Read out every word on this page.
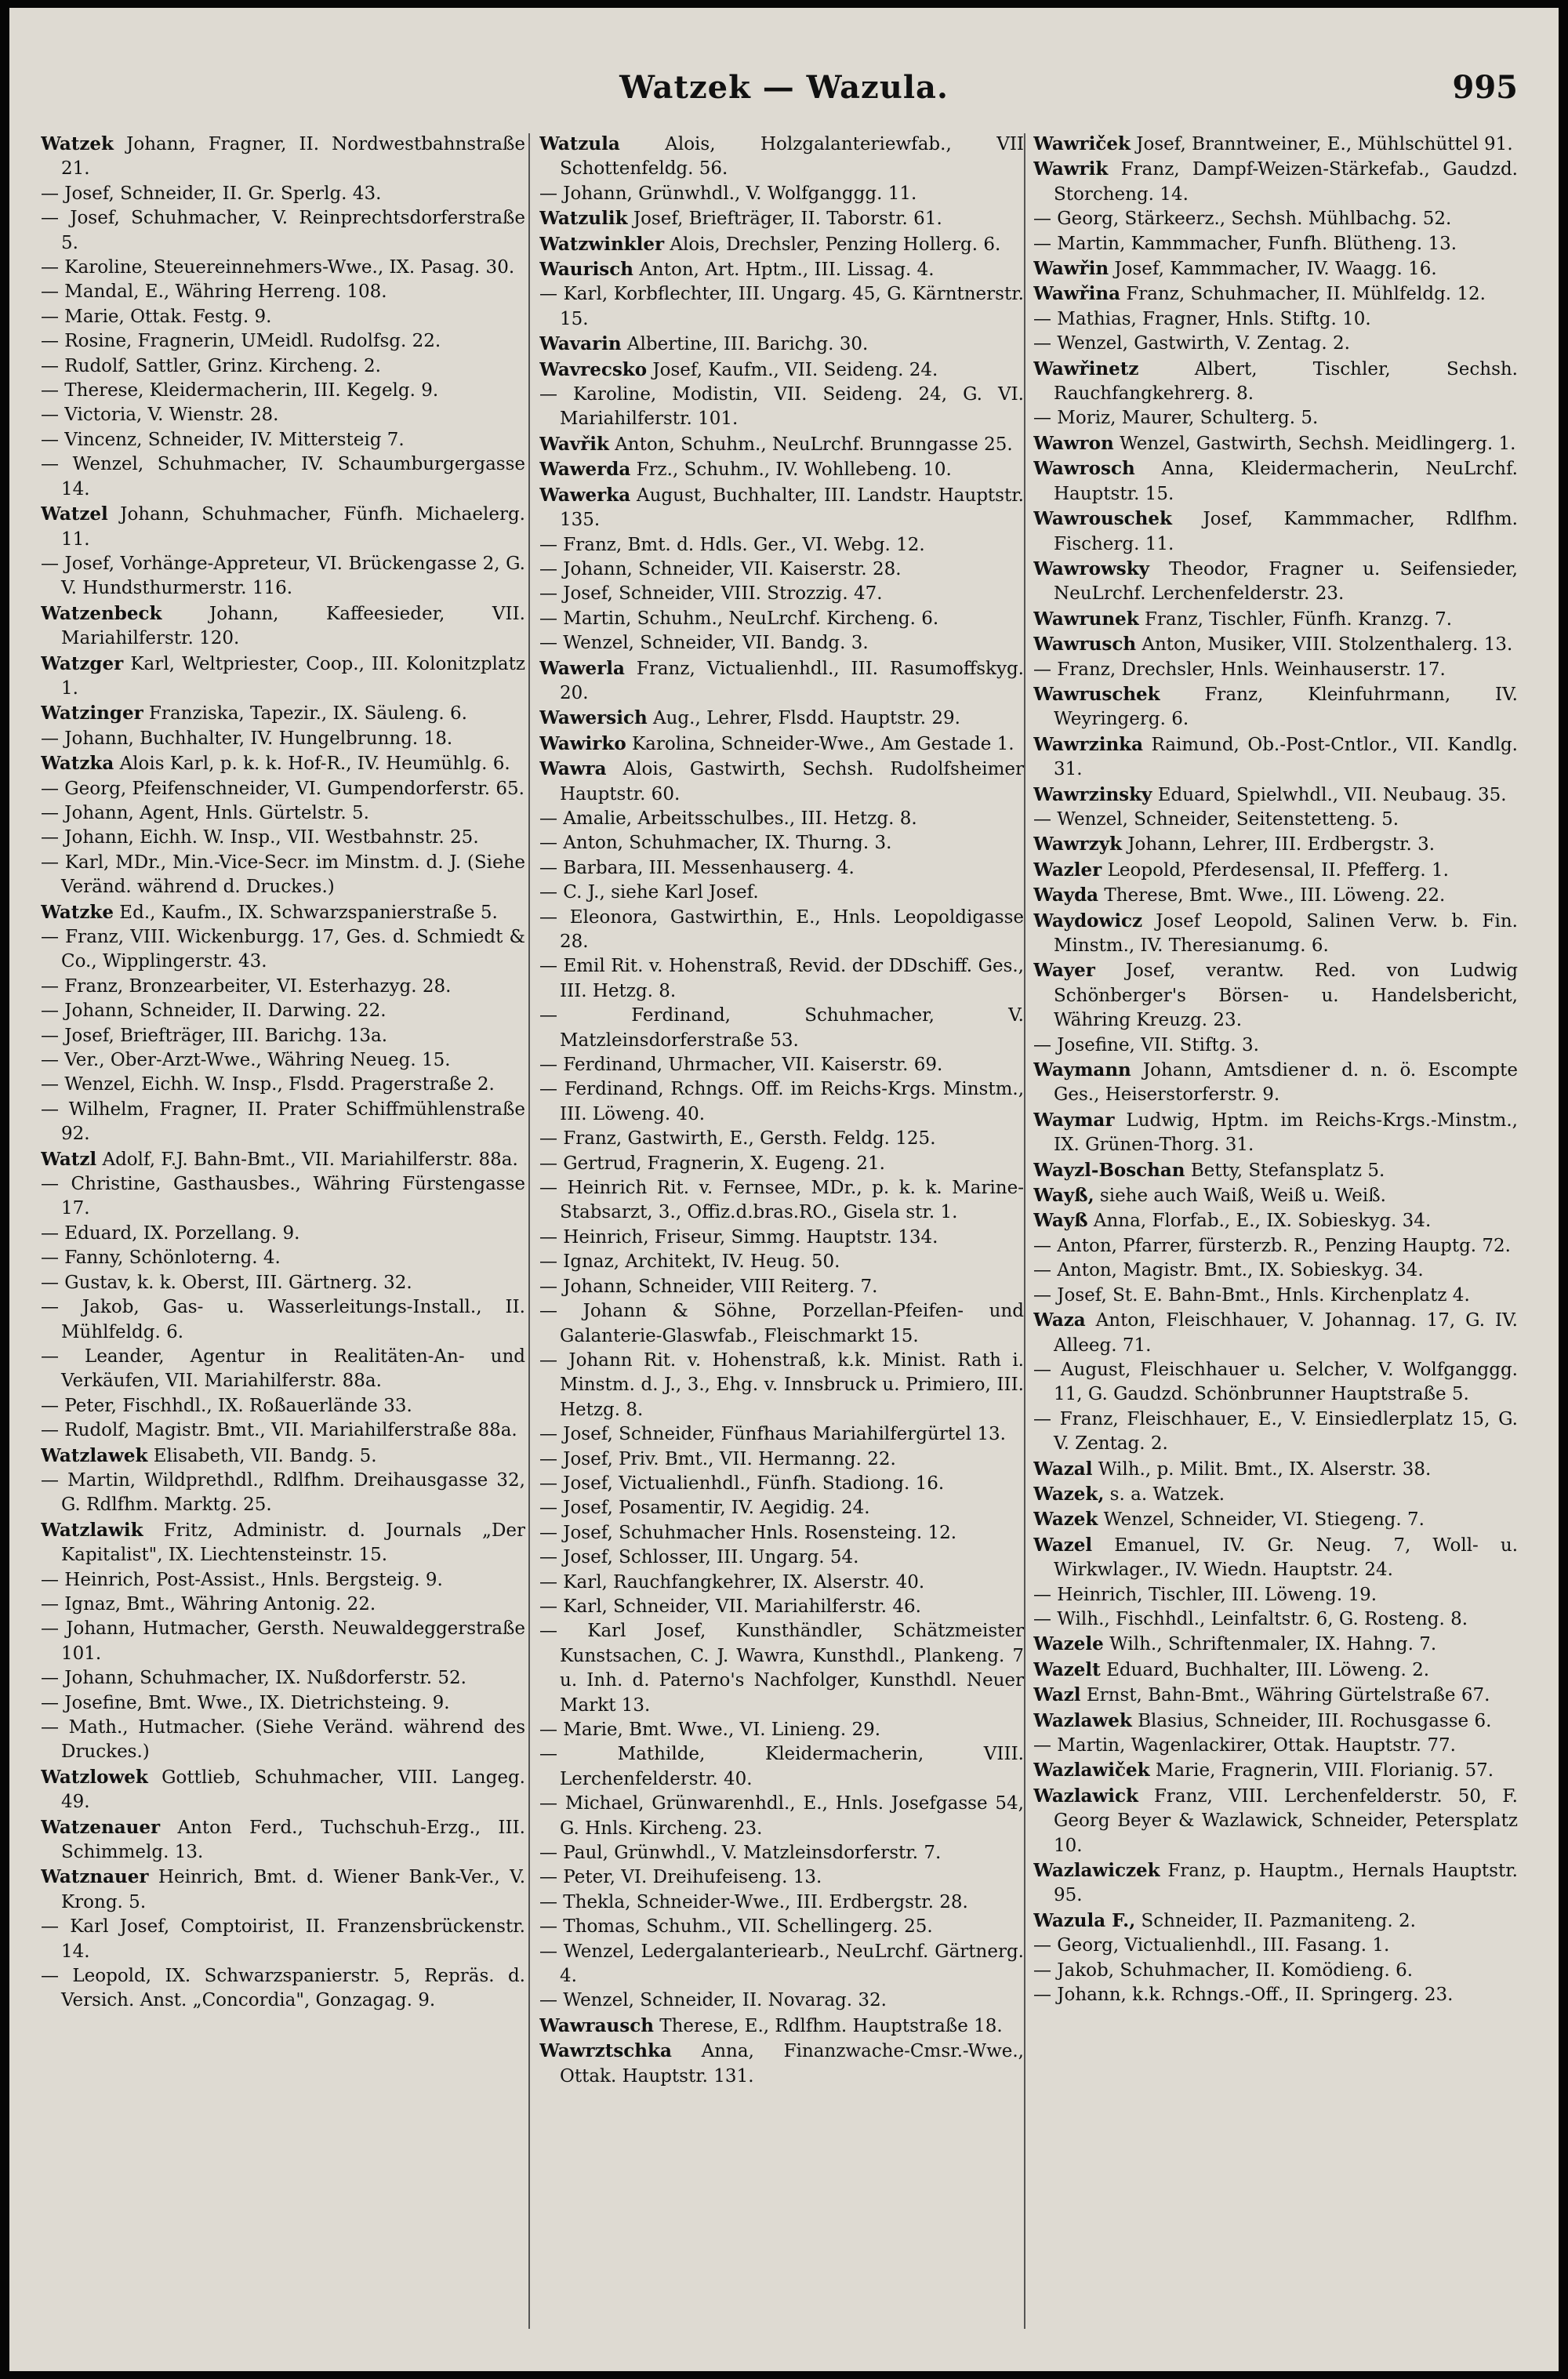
Watzek — Wazula.	995

Watzek Johann, Fragner, II. Nordwestbahnstraße 21.

— Josef, Schneider, II. Gr. Sperlg. 43.

— Josef, Schuhmacher, V. Reinprechtsdorferstraße 5.

— Karoline, Steuereinnehmers-Wwe., IX. Pasag. 30.

— Mandal, E., Währing Herreng. 108.

— Marie, Ottak. Festg. 9.

— Rosine, Fragnerin, UMeidl. Rudolfsg. 22.

— Rudolf, Sattler, Grinz. Kircheng. 2.

— Therese, Kleidermacherin, III. Kegelg. 9.

— Victoria, V. Wienstr. 28.

— Vincenz, Schneider, IV. Mittersteig 7.

— Wenzel, Schuhmacher, IV. Schaumburgergasse 14.

Watzel Johann, Schuhmacher, Fünfh. Michaelerg. 11.

— Josef, Vorhänge-Appreteur, VI. Brückengasse 2, G. V. Hundsthurmerstr. 116.

Watzenbeck Johann, Kaffeesieder, VII. Mariahilferstr. 120.

Watzger Karl, Weltpriester, Coop., III. Kolonitzplatz 1.

Watzinger Franziska, Tapezir., IX. Säuleng. 6.

— Johann, Buchhalter, IV. Hungelbrunng. 18.

Watzka Alois Karl, p. k. k. Hof-R., IV. Heumühlg. 6.

— Georg, Pfeifenschneider, VI. Gumpendorferstr. 65.

— Johann, Agent, Hnls. Gürtelstr. 5.

— Johann, Eichh. W. Insp., VII. Westbahnstr. 25.

— Karl, MDr., Min.-Vice-Secr. im Minstm. d. J. (Siehe Veränd. während d. Druckes.)

Watzke Ed., Kaufm., IX. Schwarzspanierstraße 5.

— Franz, VIII. Wickenburgg. 17, Ges. d. Schmiedt & Co., Wipplingerstr. 43.

— Franz, Bronzearbeiter, VI. Esterhazyg. 28.

— Johann, Schneider, II. Darwing. 22.

— Josef, Briefträger, III. Barichg. 13a.

— Ver., Ober-Arzt-Wwe., Währing Neueg. 15.

— Wenzel, Eichh. W. Insp., Flsdd. Pragerstraße 2.

— Wilhelm, Fragner, II. Prater Schiffmühlenstraße 92.

Watzl Adolf, F.J. Bahn-Bmt., VII. Mariahilferstr. 88a.

— Christine, Gasthausbes., Währing Fürstengasse 17.

— Eduard, IX. Porzellang. 9.

— Fanny, Schönloterng. 4.

— Gustav, k. k. Oberst, III. Gärtnerg. 32.

— Jakob, Gas- u. Wasserleitungs-Install., II. Mühlfeldg. 6.

— Leander, Agentur in Realitäten-An- und Verkäufen, VII. Mariahilferstr. 88a.

— Peter, Fischhdl., IX. Roßauerlände 33.

— Rudolf, Magistr. Bmt., VII. Mariahilferstraße 88a.

Watzlawek Elisabeth, VII. Bandg. 5.

— Martin, Wildprethdl., Rdlfhm. Dreihausgasse 32, G. Rdlfhm. Marktg. 25.

Watzlawik Fritz, Administr. d. Journals „Der Kapitalist", IX. Liechtensteinstr. 15.

— Heinrich, Post-Assist., Hnls. Bergsteig. 9.

— Ignaz, Bmt., Währing Antonig. 22.

— Johann, Hutmacher, Gersth. Neuwaldeggerstraße 101.

— Johann, Schuhmacher, IX. Nußdorferstr. 52.

— Josefine, Bmt. Wwe., IX. Dietrichsteing. 9.

— Math., Hutmacher. (Siehe Veränd. während des Druckes.)

Watzlowek Gottlieb, Schuhmacher, VIII. Langeg. 49.

Watzenauer Anton Ferd., Tuchschuh-Erzg., III. Schimmelg. 13.

Watznauer Heinrich, Bmt. d. Wiener Bank-Ver., V. Krong. 5.

— Karl Josef, Comptoirist, II. Franzensbrückenstr. 14.

— Leopold, IX. Schwarzspanierstr. 5, Repräs. d. Versich. Anst. „Concordia", Gonzagag. 9.

Watzula Alois, Holzgalanteriewfab., VII Schottenfeldg. 56.

— Johann, Grünwhdl., V. Wolfganggg. 11.

Watzulik Josef, Briefträger, II. Taborstr. 61.

Watzwinkler Alois, Drechsler, Penzing Hollerg. 6.

Waurisch Anton, Art. Hptm., III. Lissag. 4.

— Karl, Korbflechter, III. Ungarg. 45, G. Kärntnerstr. 15.

Wavarin Albertine, III. Barichg. 30.

Wavrecsko Josef, Kaufm., VII. Seideng. 24.

— Karoline, Modistin, VII. Seideng. 24, G. VI. Mariahilferstr. 101.

Wavřik Anton, Schuhm., NeuLrchf. Brunngasse 25.

Wawerda Frz., Schuhm., IV. Wohllebeng. 10.

Wawerka August, Buchhalter, III. Landstr. Hauptstr. 135.

— Franz, Bmt. d. Hdls. Ger., VI. Webg. 12.

— Johann, Schneider, VII. Kaiserstr. 28.

— Josef, Schneider, VIII. Strozzig. 47.

— Martin, Schuhm., NeuLrchf. Kircheng. 6.

— Wenzel, Schneider, VII. Bandg. 3.

Wawerla Franz, Victualienhdl., III. Rasumoffskyg. 20.

Wawersich Aug., Lehrer, Flsdd. Hauptstr. 29.

Wawirko Karolina, Schneider-Wwe., Am Gestade 1.

Wawra Alois, Gastwirth, Sechsh. Rudolfsheimer Hauptstr. 60.

— Amalie, Arbeitsschulbes., III. Hetzg. 8.

— Anton, Schuhmacher, IX. Thurng. 3.

— Barbara, III. Messenhauserg. 4.

— C. J., siehe Karl Josef.

— Eleonora, Gastwirthin, E., Hnls. Leopoldigasse 28.

— Emil Rit. v. Hohenstraß, Revid. der DDschiff. Ges., III. Hetzg. 8.

— Ferdinand, Schuhmacher, V. Matzleinsdorferstraße 53.

— Ferdinand, Uhrmacher, VII. Kaiserstr. 69.

— Ferdinand, Rchngs. Off. im Reichs-Krgs. Minstm., III. Löweng. 40.

— Franz, Gastwirth, E., Gersth. Feldg. 125.

— Gertrud, Fragnerin, X. Eugeng. 21.

— Heinrich Rit. v. Fernsee, MDr., p. k. k. Marine-Stabsarzt, 3., Offiz.d.bras.RO., Gisela str. 1.

— Heinrich, Friseur, Simmg. Hauptstr. 134.

— Ignaz, Architekt, IV. Heug. 50.

— Johann, Schneider, VIII Reiterg. 7.

— Johann & Söhne, Porzellan-Pfeifen- und Galanterie-Glaswfab., Fleischmarkt 15.

— Johann Rit. v. Hohenstraß, k.k. Minist. Rath i. Minstm. d. J., 3., Ehg. v. Innsbruck u. Primiero, III. Hetzg. 8.

— Josef, Schneider, Fünfhaus Mariahilfergürtel 13.

— Josef, Priv. Bmt., VII. Hermanng. 22.

— Josef, Victualienhdl., Fünfh. Stadiong. 16.

— Josef, Posamentir, IV. Aegidig. 24.

— Josef, Schuhmacher Hnls. Rosensteing. 12.

— Josef, Schlosser, III. Ungarg. 54.

— Karl, Rauchfangkehrer, IX. Alserstr. 40.

— Karl, Schneider, VII. Mariahilferstr. 46.

— Karl Josef, Kunsthändler, Schätzmeister Kunstsachen, C. J. Wawra, Kunsthdl., Plankeng. 7 u. Inh. d. Paterno's Nachfolger, Kunsthdl. Neuer Markt 13.

— Marie, Bmt. Wwe., VI. Linieng. 29.

— Mathilde, Kleidermacherin, VIII. Lerchenfelderstr. 40.

— Michael, Grünwarenhdl., E., Hnls. Josefgasse 54, G. Hnls. Kircheng. 23.

— Paul, Grünwhdl., V. Matzleinsdorferstr. 7.

— Peter, VI. Dreihufeiseng. 13.

— Thekla, Schneider-Wwe., III. Erdbergstr. 28.

— Thomas, Schuhm., VII. Schellingerg. 25.

— Wenzel, Ledergalanteriearb., NeuLrchf. Gärtnerg. 4.

— Wenzel, Schneider, II. Novarag. 32.

Wawrausch Therese, E., Rdlfhm. Hauptstraße 18.

Wawrztschka Anna, Finanzwache-Cmsr.-Wwe., Ottak. Hauptstr. 131.

Wawriček Josef, Branntweiner, E., Mühlschüttel 91.

Wawrik Franz, Dampf-Weizen-Stärkefab., Gaudzd. Storcheng. 14.

— Georg, Stärkeerz., Sechsh. Mühlbachg. 52.

— Martin, Kammmacher, Funfh. Blütheng. 13.

Wawřin Josef, Kammmacher, IV. Waagg. 16.

Wawřina Franz, Schuhmacher, II. Mühlfeldg. 12.

— Mathias, Fragner, Hnls. Stiftg. 10.

— Wenzel, Gastwirth, V. Zentag. 2.

Wawřinetz Albert, Tischler, Sechsh. Rauchfangkehrerg. 8.

— Moriz, Maurer, Schulterg. 5.

Wawron Wenzel, Gastwirth, Sechsh. Meidlingerg. 1.

Wawrosch Anna, Kleidermacherin, NeuLrchf. Hauptstr. 15.

Wawrouschek Josef, Kammmacher, Rdlfhm. Fischerg. 11.

Wawrowsky Theodor, Fragner u. Seifensieder, NeuLrchf. Lerchenfelderstr. 23.

Wawrunek Franz, Tischler, Fünfh. Kranzg. 7.

Wawrusch Anton, Musiker, VIII. Stolzenthalerg. 13.

— Franz, Drechsler, Hnls. Weinhauserstr. 17.

Wawruschek Franz, Kleinfuhrmann, IV. Weyringerg. 6.

Wawrzinka Raimund, Ob.-Post-Cntlor., VII. Kandlg. 31.

Wawrzinsky Eduard, Spielwhdl., VII. Neubaug. 35.

— Wenzel, Schneider, Seitenstetteng. 5.

Wawrzyk Johann, Lehrer, III. Erdbergstr. 3.

Wazler Leopold, Pferdesensal, II. Pfefferg. 1.

Wayda Therese, Bmt. Wwe., III. Löweng. 22.

Waydowicz Josef Leopold, Salinen Verw. b. Fin. Minstm., IV. Theresianumg. 6.

Wayer Josef, verantw. Red. von Ludwig Schönberger's Börsen- u. Handelsbericht, Währing Kreuzg. 23.

— Josefine, VII. Stiftg. 3.

Waymann Johann, Amtsdiener d. n. ö. Escompte Ges., Heiserstorferstr. 9.

Waymar Ludwig, Hptm. im Reichs-Krgs.-Minstm., IX. Grünen-Thorg. 31.

Wayzl-Boschan Betty, Stefansplatz 5.

Wayß, siehe auch Waiß, Weiß u. Weiß.

Wayß Anna, Florfab., E., IX. Sobieskyg. 34.

— Anton, Pfarrer, fürsterzb. R., Penzing Hauptg. 72.

— Anton, Magistr. Bmt., IX. Sobieskyg. 34.

— Josef, St. E. Bahn-Bmt., Hnls. Kirchenplatz 4.

Waza Anton, Fleischhauer, V. Johannag. 17, G. IV. Alleeg. 71.

— August, Fleischhauer u. Selcher, V. Wolfganggg. 11, G. Gaudzd. Schönbrunner Hauptstraße 5.

— Franz, Fleischhauer, E., V. Einsiedlerplatz 15, G. V. Zentag. 2.

Wazal Wilh., p. Milit. Bmt., IX. Alserstr. 38.

Wazek, s. a. Watzek.

Wazek Wenzel, Schneider, VI. Stiegeng. 7.

Wazel Emanuel, IV. Gr. Neug. 7, Woll- u. Wirkwlager., IV. Wiedn. Hauptstr. 24.

— Heinrich, Tischler, III. Löweng. 19.

— Wilh., Fischhdl., Leinfaltstr. 6, G. Rosteng. 8.

Wazele Wilh., Schriftenmaler, IX. Hahng. 7.

Wazelt Eduard, Buchhalter, III. Löweng. 2.

Wazl Ernst, Bahn-Bmt., Währing Gürtelstraße 67.

Wazlawek Blasius, Schneider, III. Rochusgasse 6.

— Martin, Wagenlackirer, Ottak. Hauptstr. 77.

Wazlawiček Marie, Fragnerin, VIII. Florianig. 57.

Wazlawick Franz, VIII. Lerchenfelderstr. 50, F. Georg Beyer & Wazlawick, Schneider, Petersplatz 10.

Wazlawiczek Franz, p. Hauptm., Hernals Hauptstr. 95.

Wazula F., Schneider, II. Pazmaniteng. 2.

— Georg, Victualienhdl., III. Fasang. 1.

— Jakob, Schuhmacher, II. Komödieng. 6.

— Johann, k.k. Rchngs.-Off., II. Springerg. 23.
